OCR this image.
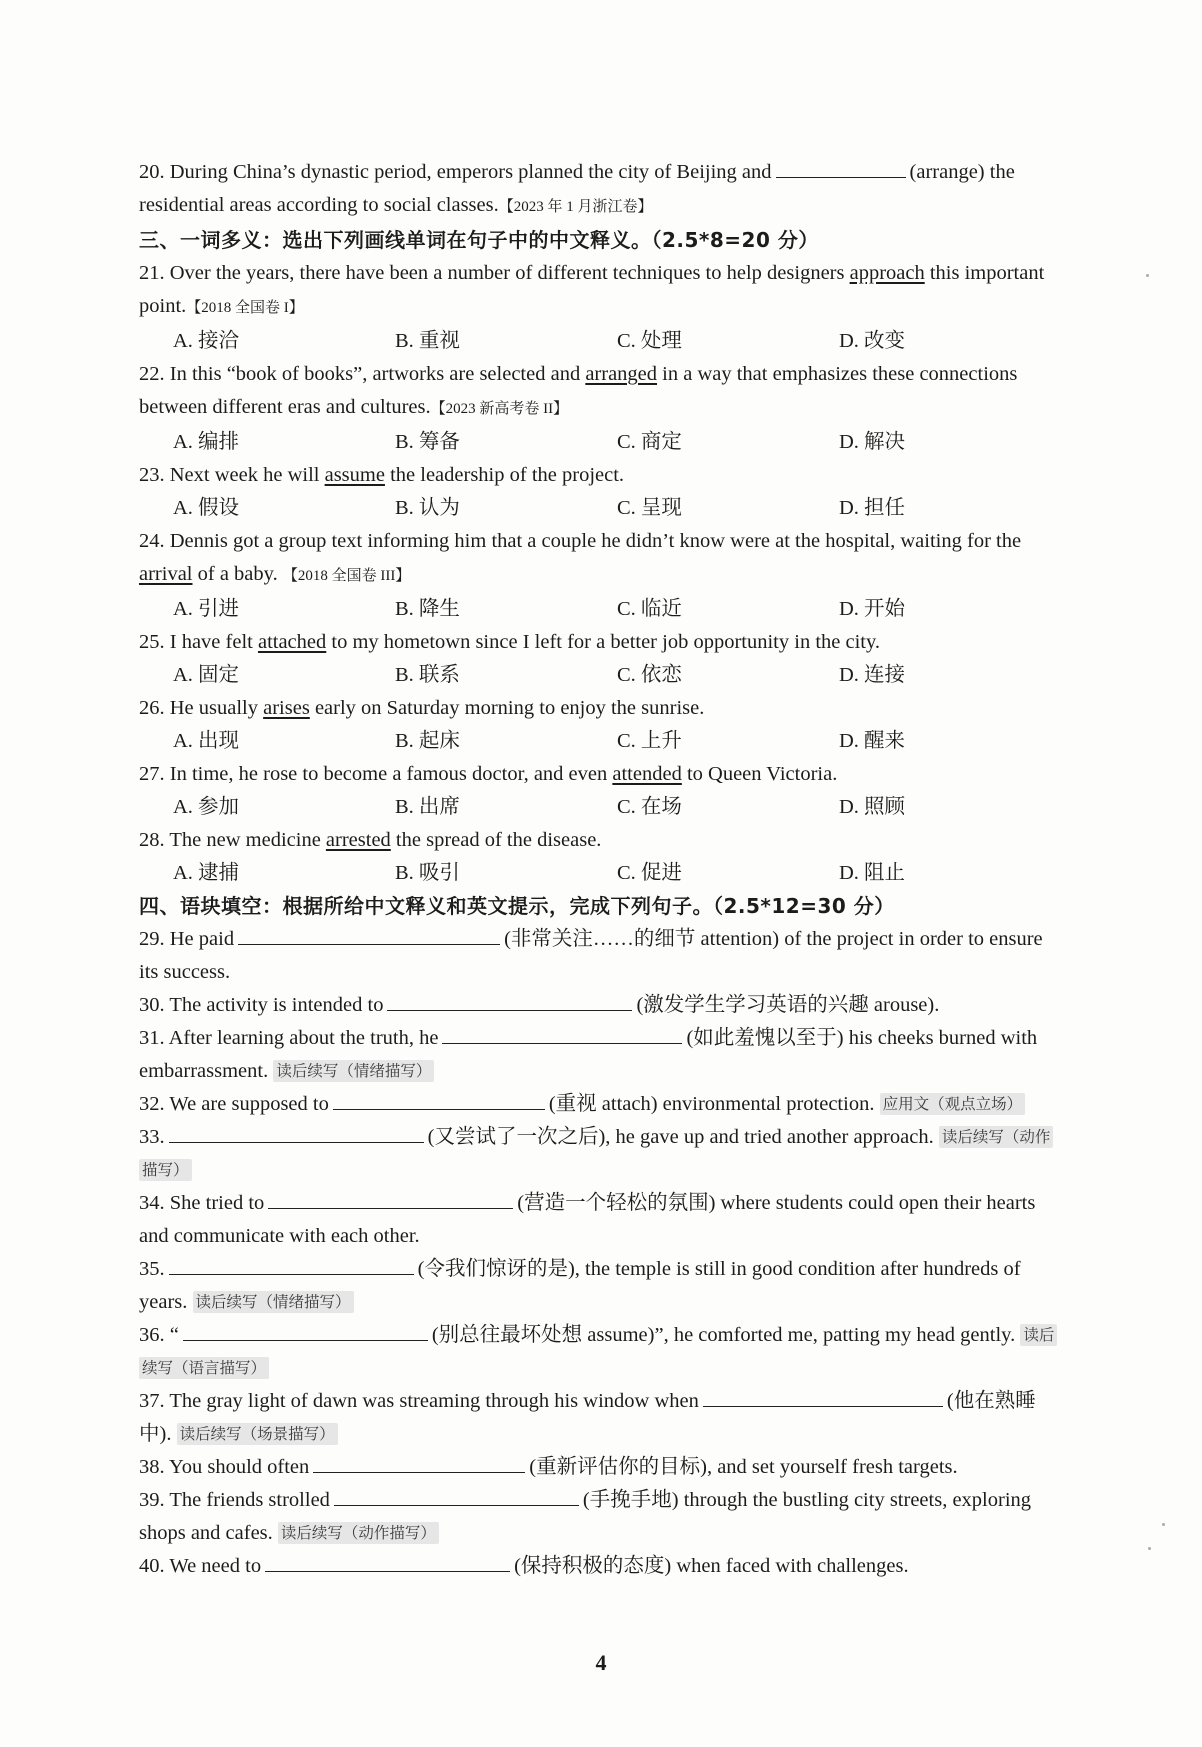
20. During China’s dynastic period, emperors planned the city of Beijing and	(arrange) the
residential areas according to social classes.【2023 年 1 月浙江卷】
三、一词多义：选出下列画线单词在句子中的中文释义。（2.5*8=20 分）
21. Over the years, there have been a number of different techniques to help designers approach this important
point.【2018 全国卷 I】
A. 接洽	B. 重视	C. 处理	D. 改变
22. In this “book of books”, artworks are selected and arranged in a way that emphasizes these connections
between different eras and cultures.【2023 新高考卷 II】
A. 编排	B. 筹备	C. 商定	D. 解决
23. Next week he will assume the leadership of the project.
A. 假设	B. 认为	C. 呈现	D. 担任
24. Dennis got a group text informing him that a couple he didn’t know were at the hospital, waiting for the
arrival of a baby. 【2018 全国卷 III】
A. 引进	B. 降生	C. 临近	D. 开始
25. I have felt attached to my hometown since I left for a better job opportunity in the city.
A. 固定	B. 联系	C. 依恋	D. 连接
26. He usually arises early on Saturday morning to enjoy the sunrise.
A. 出现	B. 起床	C. 上升	D. 醒来
27. In time, he rose to become a famous doctor, and even attended to Queen Victoria.
A. 参加	B. 出席	C. 在场	D. 照顾
28. The new medicine arrested the spread of the disease.
A. 逮捕	B. 吸引	C. 促进	D. 阻止
四、语块填空：根据所给中文释义和英文提示，完成下列句子。（2.5*12=30 分）
29. He paid	(非常关注……的细节 attention) of the project in order to ensure
its success.
30. The activity is intended to	(激发学生学习英语的兴趣 arouse).
31. After learning about the truth, he	(如此羞愧以至于) his cheeks burned with
embarrassment. 读后续写（情绪描写）
32. We are supposed to	(重视 attach) environmental protection. 应用文（观点立场）
33.	(又尝试了一次之后), he gave up and tried another approach. 读后续写（动作
描写）
34. She tried to	(营造一个轻松的氛围) where students could open their hearts
and communicate with each other.
35.	(令我们惊讶的是), the temple is still in good condition after hundreds of
years. 读后续写（情绪描写）
36. “	(别总往最坏处想 assume)”, he comforted me, patting my head gently. 读后
续写（语言描写）
37. The gray light of dawn was streaming through his window when	(他在熟睡
中). 读后续写（场景描写）
38. You should often	(重新评估你的目标), and set yourself fresh targets.
39. The friends strolled	(手挽手地) through the bustling city streets, exploring
shops and cafes. 读后续写（动作描写）
40. We need to	(保持积极的态度) when faced with challenges.
4
